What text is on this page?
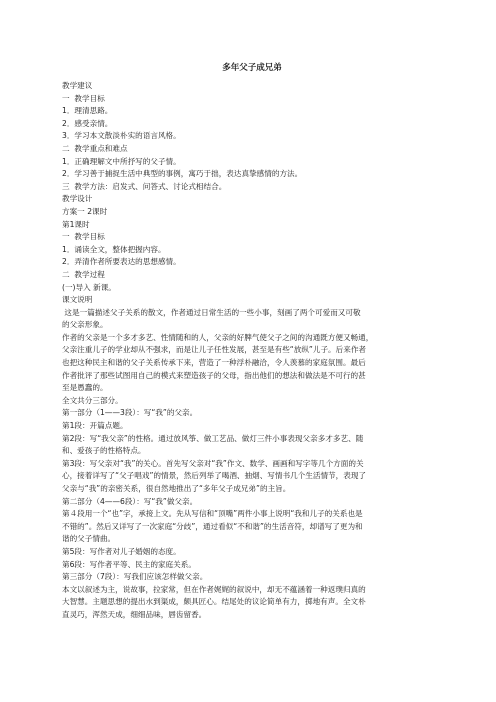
多年父子成兄弟

教学建议

一  教学目标

1．理清思路。

2．感受亲情。

3．学习本文散淡朴实的语言风格。

二  教学重点和难点

1．正确理解文中所抒写的父子情。

2．学习善于捕捉生活中典型的事例，寓巧于拙，表达真挚感情的方法。

三  教学方法：启发式、问答式、讨论式相结合。

教学设计

方案一 2课时

第1课时

一  教学目标

1．诵读全文，整体把握内容。

2．弄清作者所要表达的思想感情。

二  教学过程

(一)导入 新课。

课文说明

这是一篇描述父子关系的散文，作者通过日常生活的一些小事，刻画了两个可爱而又可敬

的父亲形象。

作者的父亲是一个多才多艺、性情随和的人，父亲的好脾气使父子之间的沟通既方便又畅通，

父亲注重儿子的学业却从不强求，而是让儿子任性发展，甚至是有些“放纵”儿子。后来作者

也把这种民主和谐的父子关系传承下来，营造了一种浮朴融洽，令人羡慕的家庭氛围。最后

作者批评了那些试图用自己的模式来塑造孩子的父母，指出他们的想法和做法是不可行的甚

至是愚蠢的。

全文共分三部分。

第一部分（1——3段）：写“我”的父亲。

第1段：开篇点题。

第2段：写“我父亲”的性格。通过放风筝、做工艺品、做灯三件小事表现父亲多才多艺、随

和、爱孩子的性格特点。

第3段：写父亲对“我”的关心。首先写父亲对“我”作文、数学、画画和写字等几个方面的关

心，接着详写了“父子唱戏”的情景，然后列举了喝酒、抽烟、写情书几个生活情节，表现了

父亲与“我”的亲密关系，很自然地推出了“多年父子成兄弟”的主旨。

第二部分（4——6段）：写“我”做父亲。

第４段用一个“也”字，承接上文。先从写信和“顶嘴”两件小事上说明“我和儿子的关系也是

不错的”。然后又详写了一次家庭“分歧”，通过看似“不和谐”的生活音符，却谱写了更为和

谐的父子情曲。

第5段：写作者对儿子婚姻的态度。

第6段：写作者平等、民主的家庭关系。

第三部分（7段）：写我们应该怎样做父亲。

本文以叙述为主，说故事，拉家常，但在作者娓娓的叙说中，却无不蕴涵着一种返璞归真的

大智慧。主题思想的提出水到渠成，颇具匠心。结尾处的议论简单有力，掷地有声。全文朴

直灵巧，浑然天成，细细品味，唇齿留香。
